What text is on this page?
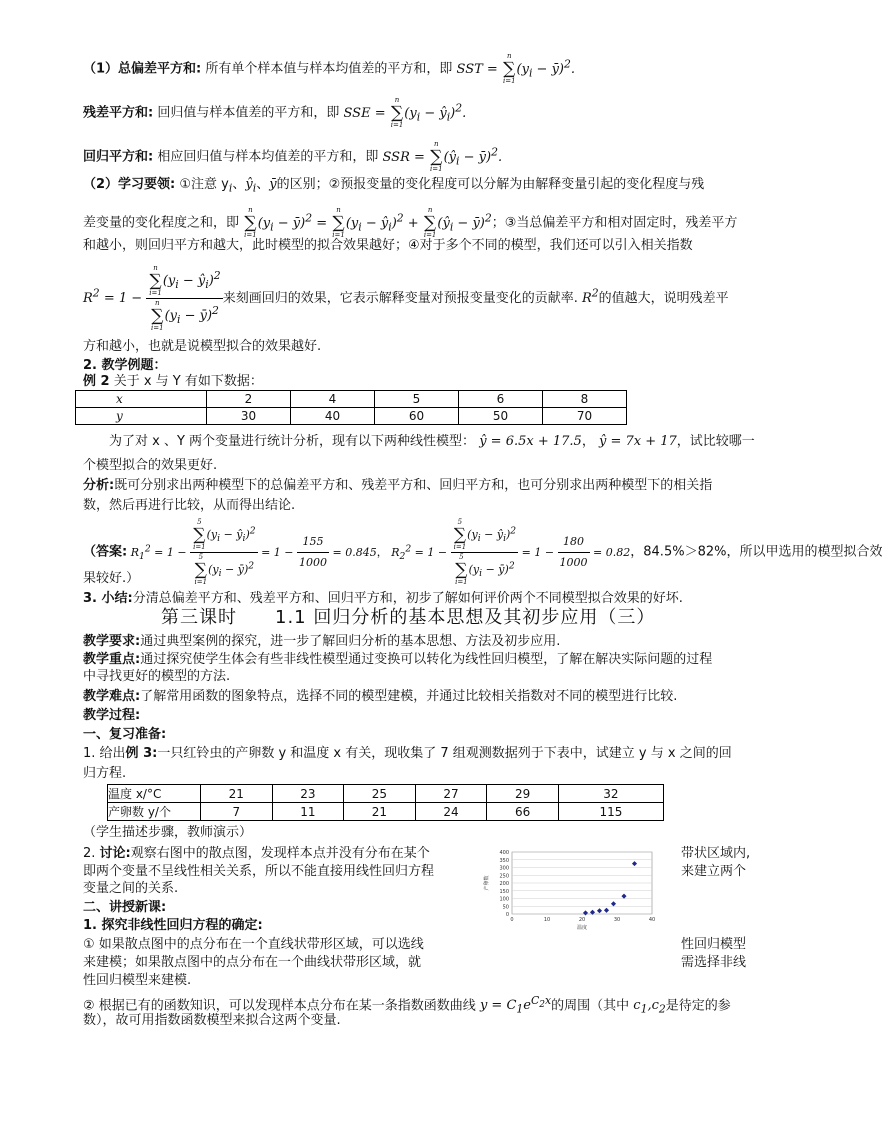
（1）总偏差平方和: 所有单个样本值与样本均值差的平方和，即 SST =
n
∑
i=1
($y_i$ − ȳ)$^2$.
残差平方和: 回归值与样本值差的平方和，即 SSE =
n
∑
i=1
($y_i$ − $ŷ_i)^2$.
回归平方和: 相应回归值与样本均值差的平方和，即 SSR =
n
∑
i=1
($ŷ_i$ − ȳ)$^2$.
（2）学习要领: ①注意 $y_i$、$ŷ_i$、ȳ的区别；②预报变量的变化程度可以分解为由解释变量引起的变化程度与残
差变量的变化程度之和，即
n
∑
i=1
($y_i$ − ȳ)$^2$ =
n
∑
i=1
($y_i$ − $ŷ_i)^2$ +
n
∑
i=1
($ŷ_i$ − ȳ)$^2$；③当总偏差平方和相对固定时，残差平方
和越小，则回归平方和越大，此时模型的拟合效果越好；④对于多个不同的模型，我们还可以引入相关指数
$R^2 = 1 - n$
∑
i=1
($y_i$ − $ŷ_i)^2$
n
∑
i=1
($y_i$ − ȳ)$^2$ 来刻画回归的效果，它表示解释变量对预报变量变化的贡献率. $R^2$的值越大，说明残差平
方和越小，也就是说模型拟合的效果越好.
2. 教学例题：
例 2 关于 x 与 Y 有如下数据：
x	2	4	5	6	8
y	30	40	60	50	70
为了对 x 、Y 两个变量进行统计分析，现有以下两种线性模型： ŷ = 6.5x + 17.5， ŷ = 7x + 17，试比较哪一
个模型拟合的效果更好.
分析:既可分别求出两种模型下的总偏差平方和、残差平方和、回归平方和，也可分别求出两种模型下的相关指
数，然后再进行比较，从而得出结论.
（答案: $R_1^2 = 1 - 5$
∑
i=1
($y_i$ − $ŷ_i)^2$
5
∑
i=1
($y_i$ − ȳ)$^2$ = $1 - \frac{155}{1000} = 0.845$， $R_2^2 = 1 - 5$
∑
i=1
($y_i$ − $ŷ_i)^2$
5
∑
i=1
($y_i$ − ȳ)$^2$ = $1 - \frac{180}{1000} = 0.82$，84.5%＞82%，所以甲选用的模型拟合效
果较好.）
3. 小结:分清总偏差平方和、残差平方和、回归平方和，初步了解如何评价两个不同模型拟合效果的好坏.
第三课时　　1.1 回归分析的基本思想及其初步应用（三）
教学要求:通过典型案例的探究，进一步了解回归分析的基本思想、方法及初步应用.
教学重点:通过探究使学生体会有些非线性模型通过变换可以转化为线性回归模型，了解在解决实际问题的过程
中寻找更好的模型的方法.
教学难点:了解常用函数的图象特点，选择不同的模型建模，并通过比较相关指数对不同的模型进行比较.
教学过程:
一、复习准备:
1. 给出例 3:一只红铃虫的产卵数 y 和温度 x 有关，现收集了 7 组观测数据列于下表中，试建立 y 与 x 之间的回
归方程.
温度 x/°C	21	23	25	27	29	32
产卵数 y/个	7	11	21	24	66	115
（学生描述步骤，教师演示）
2. 讨论:观察右图中的散点图，发现样本点并没有分布在某个	带状区域内,
即两个变量不呈线性相关关系，所以不能直接用线性回归方程	来建立两个
变量之间的关系.
二、讲授新课:
1. 探究非线性回归方程的确定:
① 如果散点图中的点分布在一个直线状带形区域，可以选线	性回归模型
来建模；如果散点图中的点分布在一个曲线状带形区域，就	需选择非线
性回归模型来建模.
② 根据已有的函数知识，可以发现样本点分布在某一条指数函数曲线 $y = C_1e^{C_2x}$的周围（其中 $c_1,c_2$是待定的参
数），故可用指数函数模型来拟合这两个变量.
0
50
100
150
200
250
300
350
400
0	10	20	30	40
产卵数
温度
